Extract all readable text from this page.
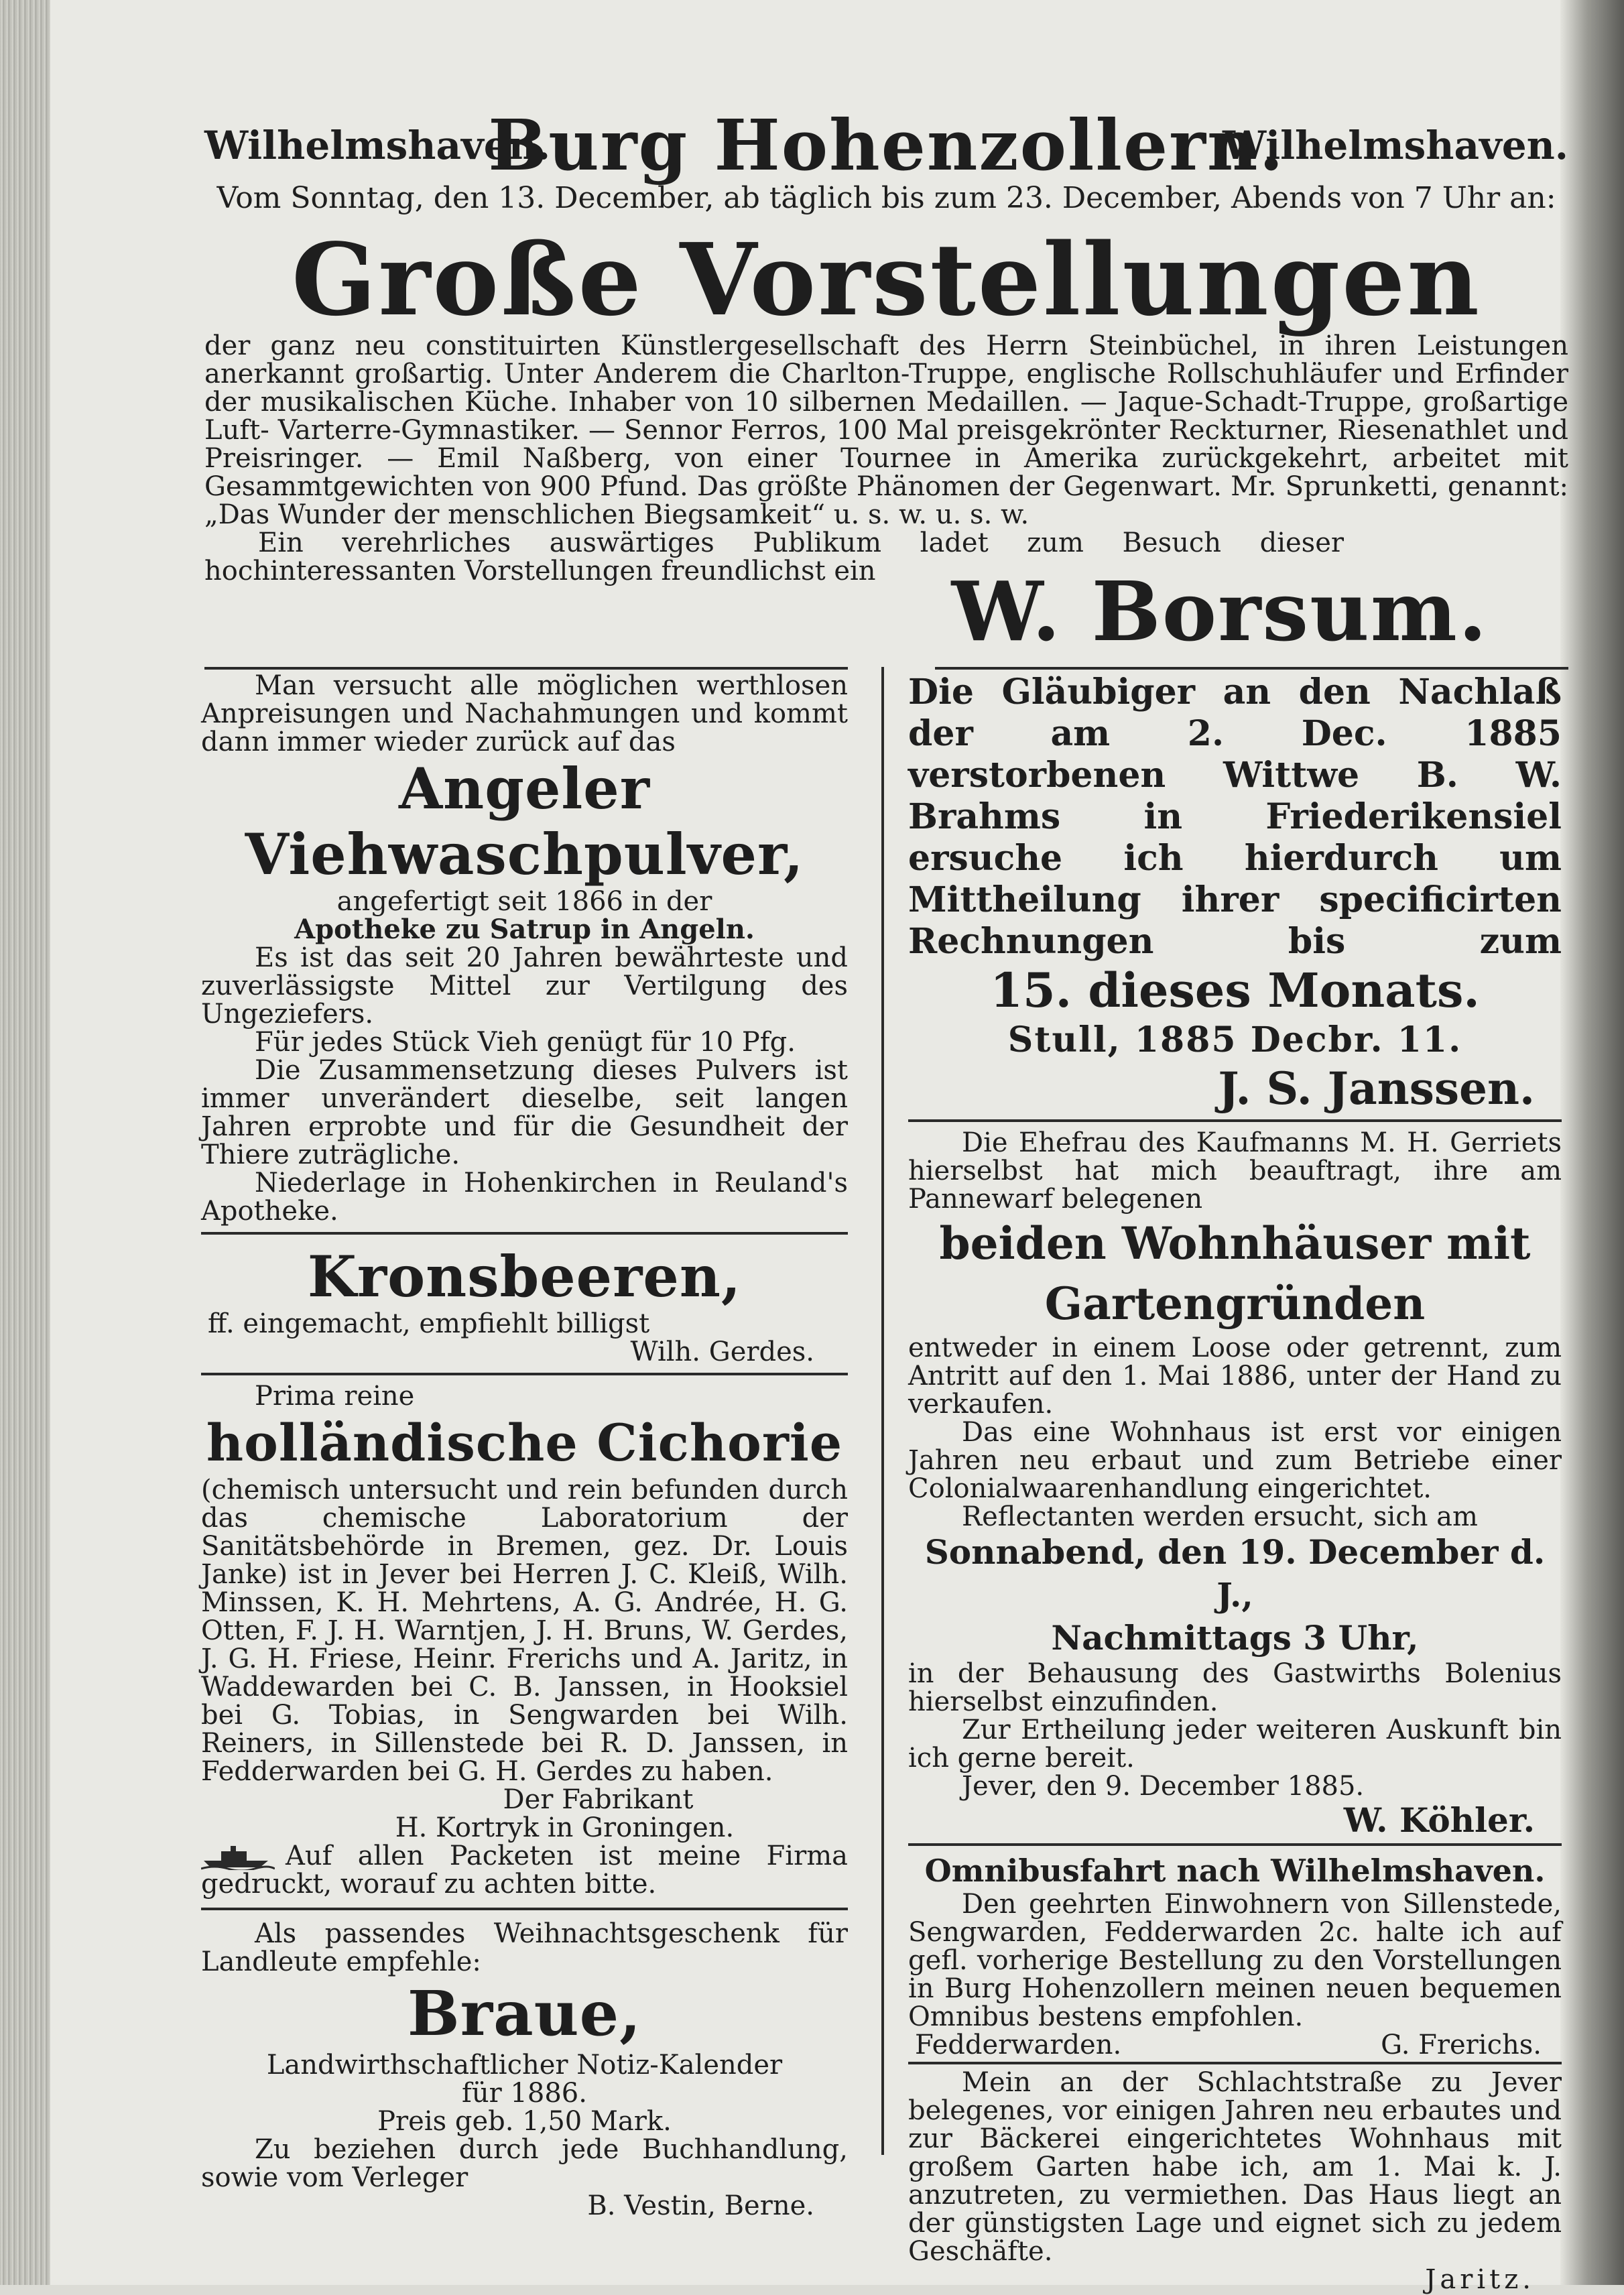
Wilhelmshaven.
Burg Hohenzollern.
Wilhelmshaven.
Vom Sonntag, den 13. December, ab täglich bis zum 23. December, Abends von 7 Uhr an:
Große Vorstellungen

der ganz neu constituirten Künstlergesellschaft des Herrn Steinbüchel, in ihren Leistungen anerkannt großartig. Unter Anderem die Charlton-Truppe, englische Rollschuhläufer und Erfinder der musikalischen Küche. Inhaber von 10 silbernen Medaillen. — Jaque-Schadt-Truppe, großartige Luft- Varterre-Gymnastiker. — Sennor Ferros, 100 Mal preisgekrönter Reckturner, Riesenathlet und Preisringer. — Emil Naßberg, von einer Tournee in Amerika zurückgekehrt, arbeitet mit Gesammtgewichten von 900 Pfund. Das größte Phänomen der Gegenwart. Mr. Sprunketti, genannt: „Das Wunder der menschlichen Biegsamkeit“ u. s. w. u. s. w.

Ein verehrliches auswärtiges Publikum ladet zum Besuch dieser hochinteressanten Vorstellungen freundlichst ein W. Borsum.

Man versucht alle möglichen werthlosen Anpreisungen und Nachahmungen und kommt dann immer wieder zurück auf das

Angeler Viehwaschpulver,

angefertigt seit 1866 in der

Apotheke zu Satrup in Angeln.

Es ist das seit 20 Jahren bewährteste und zuverlässigste Mittel zur Vertilgung des Ungeziefers.

Für jedes Stück Vieh genügt für 10 Pfg.

Die Zusammensetzung dieses Pulvers ist immer unverändert dieselbe, seit langen Jahren erprobte und für die Gesundheit der Thiere zuträgliche.

Niederlage in Hohenkirchen in Reuland's Apotheke.

Kronsbeeren,

ff. eingemacht, empfiehlt billigst

Wilh. Gerdes.

Prima reine

holländische Cichorie

(chemisch untersucht und rein befunden durch das chemische Laboratorium der Sanitätsbehörde in Bremen, gez. Dr. Louis Janke) ist in Jever bei Herren J. C. Kleiß, Wilh. Minssen, K. H. Mehrtens, A. G. Andrée, H. G. Otten, F. J. H. Warntjen, J. H. Bruns, W. Gerdes, J. G. H. Friese, Heinr. Frerichs und A. Jaritz, in Waddewarden bei C. B. Janssen, in Hooksiel bei G. Tobias, in Sengwarden bei Wilh. Reiners, in Sillenstede bei R. D. Janssen, in Fedderwarden bei G. H. Gerdes zu haben.

Der Fabrikant

H. Kortryk in Groningen.

Auf allen Packeten ist meine Firma gedruckt, worauf zu achten bitte.

Als passendes Weihnachtsgeschenk für Landleute empfehle:

Braue,

Landwirthschaftlicher Notiz-Kalender

für 1886.

Preis geb. 1,50 Mark.

Zu beziehen durch jede Buchhandlung, sowie vom Verleger

B. Vestin, Berne.

Die Gläubiger an den Nachlaß der am 2. Dec. 1885 verstorbenen Wittwe B. W. Brahms in Friederikensiel ersuche ich hierdurch um Mittheilung ihrer specificirten Rechnungen bis zum

15. dieses Monats.

Stull, 1885 Decbr. 11.

J. S. Janssen.

Die Ehefrau des Kaufmanns M. H. Gerriets hierselbst hat mich beauftragt, ihre am Pannewarf belegenen

beiden Wohnhäuser mit

Gartengründen

entweder in einem Loose oder getrennt, zum Antritt auf den 1. Mai 1886, unter der Hand zu verkaufen.

Das eine Wohnhaus ist erst vor einigen Jahren neu erbaut und zum Betriebe einer Colonialwaarenhandlung eingerichtet.

Reflectanten werden ersucht, sich am

Sonnabend, den 19. December d. J.,

Nachmittags 3 Uhr,

in der Behausung des Gastwirths Bolenius hierselbst einzufinden.

Zur Ertheilung jeder weiteren Auskunft bin ich gerne bereit.

Jever, den 9. December 1885.

W. Köhler.

Omnibusfahrt nach Wilhelmshaven.

Den geehrten Einwohnern von Sillenstede, Sengwarden, Fedderwarden 2c. halte ich auf gefl. vorherige Bestellung zu den Vorstellungen in Burg Hohenzollern meinen neuen bequemen Omnibus bestens empfohlen.

Fedderwarden.	G. Frerichs.

Mein an der Schlachtstraße zu Jever belegenes, vor einigen Jahren neu erbautes und zur Bäckerei eingerichtetes Wohnhaus mit großem Garten habe ich, am 1. Mai k. J. anzutreten, zu vermiethen. Das Haus liegt an der günstigsten Lage und eignet sich zu jedem Geschäfte.

Jaritz.
